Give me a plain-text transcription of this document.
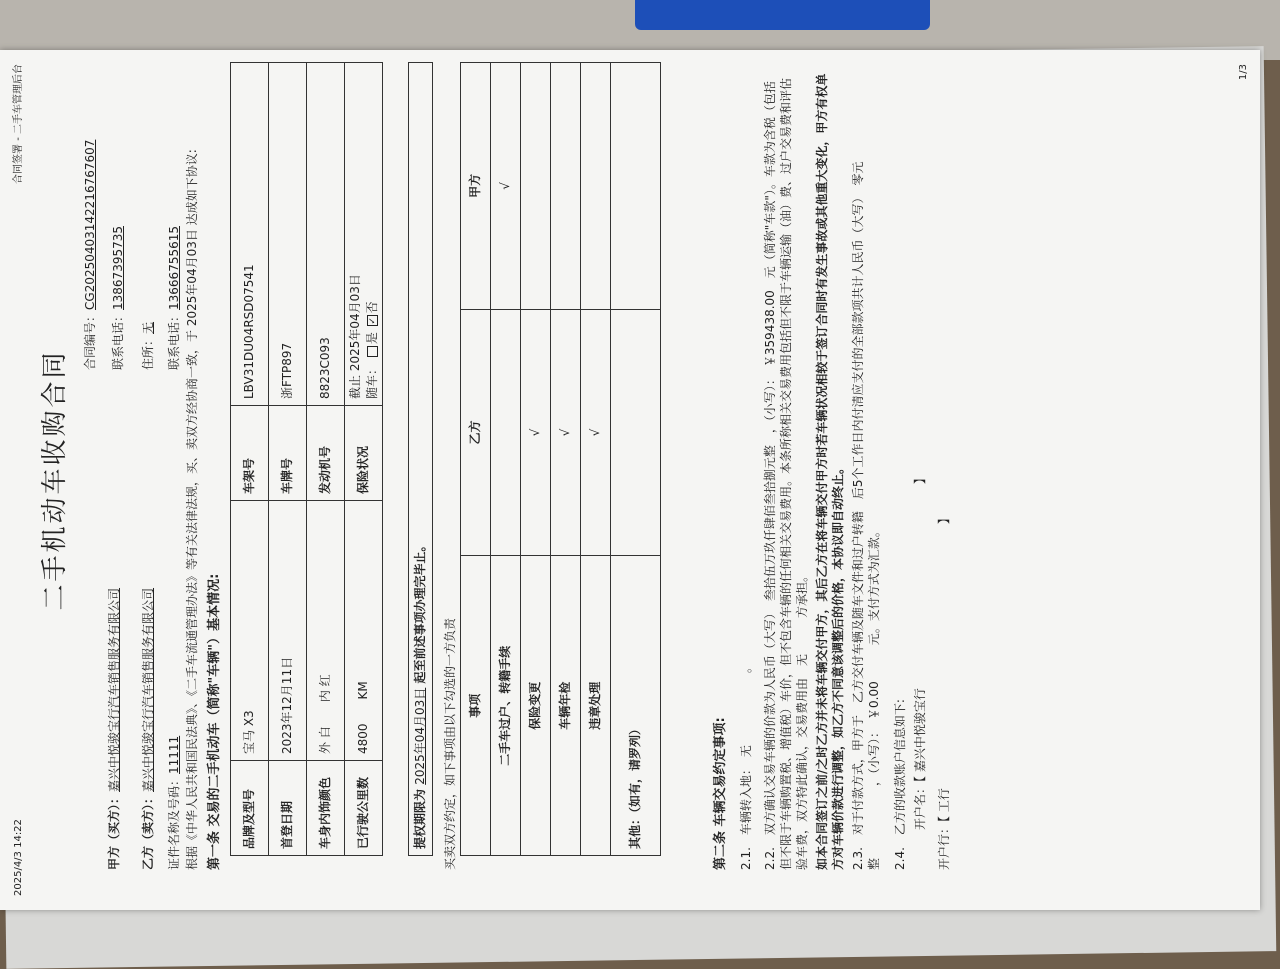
2025/4/3 14:22
合同签署 - 二手车管理后台	1/3
二手机动车收购合同
合同编号：CG20250403142216767607
甲方（买方）：嘉兴中悦骏宝行汽车销售服务有限公司
联系电话：13867395735
乙方（卖方）：嘉兴中悦骏宝行汽车销售服务有限公司
住所：无
证件名称及号码：11111
联系电话：13666755615 根据《中华人民共和国民法典》、《二手车流通管理办法》等有关法律法规，买、卖双方经协商一致，于 2025年04月03日 达成如下协议: 第一条 交易的二手机动车（简称"车辆"）基本情况: 品牌及型号	宝马 X3	车架号	LBV31DU04RSD07541
首登日期	2023年12月11日	车牌号	浙FTP897
车身内饰颜色	外 白　　内 红	发动机号	8823C093
已行驶公里数	4800　　KM	保险状况	截止 2025年04月03日 随车： 是 ✓否
提权期限为 2025年04月03日 起至前述事项办理完毕止。
买卖双方约定，如下事项由以下勾选的一方负责 事项	乙方	甲方
二手车过户、转籍手续		√
保险变更	√	
车辆年检	√	
违章处理	√	
其他：（如有，请罗列）			第二条 车辆交易约定事项: 2.1.　车辆转入地：　无　　　　　　。 2.2.　双方确认交易车辆的价款为人民币（大写）　叁拾伍万玖仟肆佰叁拾捌元整　，（小写）：　￥359438.00　元（简称"车款"）。车款为含税（包括但不限于车辆购置税、增值税）车价，但不包含车辆的任何相关交易费用。本条所称相关交易费用包括但不限于车辆运输（油）费、过户交易费和评估验车费，双方特此确认，交易费用由　无　　　方承担。 如本合同签订之前/之时乙方并未将车辆交付甲方，其后乙方在将车辆交付甲方时若车辆状况相较于签订合同时有发生事故或其他重大变化，甲方有权单方对车辆价款进行调整，如乙方不同意该调整后的价格，本协议即自动终止。 2.3.　对于付款方式，甲方于　乙方交付车辆及随车文件和过户转籍　后5个工作日内付清应支付的全部款项共计人民币（大写）　零元整　　　　　　，（小写）：　￥0.00　　　元。支付方式为汇款。 2.4.　乙方的收款账户信息如下: 开户名：【 嘉兴中悦骏宝行　　　　　　　　　　　　　　　　　】 开户行：【 工行　　　　　　　　　　　　　　　　　　　　　　】
